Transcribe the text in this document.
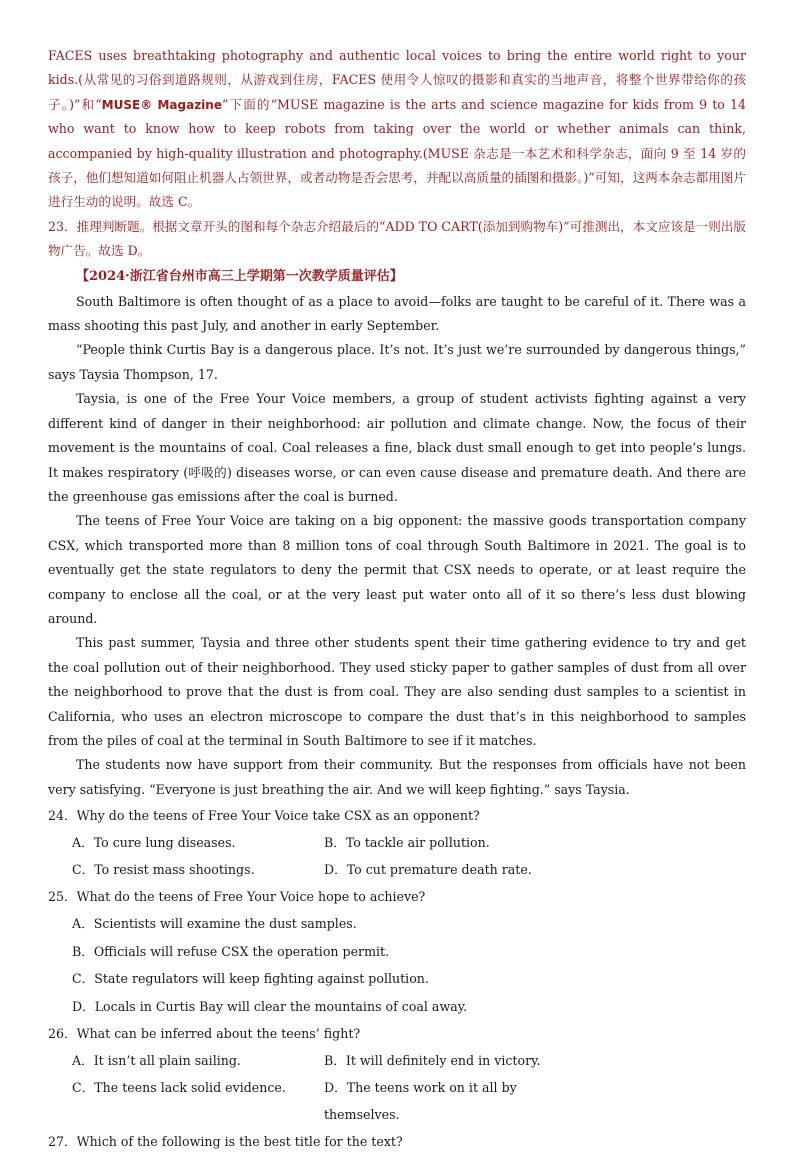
FACES uses breathtaking photography and authentic local voices to bring the entire world right to your kids.(从常见的习俗到道路规则，从游戏到住房，FACES 使用令人惊叹的摄影和真实的当地声音，将整个世界带给你的孩子。)”和“MUSE® Magazine”下面的“MUSE magazine is the arts and science magazine for kids from 9 to 14 who want to know how to keep robots from taking over the world or whether animals can think, accompanied by high-quality illustration and photography.(MUSE 杂志是一本艺术和科学杂志，面向 9 至 14 岁的孩子，他们想知道如何阻止机器人占领世界，或者动物是否会思考，并配以高质量的插图和摄影。)”可知，这两本杂志都用图片进行生动的说明。故选 C。

23．推理判断题。根据文章开头的图和每个杂志介绍最后的“ADD TO CART(添加到购物车)”可推测出，本文应该是一则出版物广告。故选 D。

【2024·浙江省台州市高三上学期第一次教学质量评估】

South Baltimore is often thought of as a place to avoid—folks are taught to be careful of it. There was a mass shooting this past July, and another in early September.

“People think Curtis Bay is a dangerous place. It’s not. It’s just we’re surrounded by dangerous things,” says Taysia Thompson, 17.

Taysia, is one of the Free Your Voice members, a group of student activists fighting against a very different kind of danger in their neighborhood: air pollution and climate change. Now, the focus of their movement is the mountains of coal. Coal releases a fine, black dust small enough to get into people’s lungs. It makes respiratory (呼吸的) diseases worse, or can even cause disease and premature death. And there are the greenhouse gas emissions after the coal is burned.

The teens of Free Your Voice are taking on a big opponent: the massive goods transportation company CSX, which transported more than 8 million tons of coal through South Baltimore in 2021. The goal is to eventually get the state regulators to deny the permit that CSX needs to operate, or at least require the company to enclose all the coal, or at the very least put water onto all of it so there’s less dust blowing around.

This past summer, Taysia and three other students spent their time gathering evidence to try and get the coal pollution out of their neighborhood. They used sticky paper to gather samples of dust from all over the neighborhood to prove that the dust is from coal. They are also sending dust samples to a scientist in California, who uses an electron microscope to compare the dust that’s in this neighborhood to samples from the piles of coal at the terminal in South Baltimore to see if it matches.

The students now have support from their community. But the responses from officials have not been very satisfying. “Everyone is just breathing the air. And we will keep fighting.” says Taysia.

24．Why do the teens of Free Your Voice take CSX as an opponent?

A．To cure lung diseases.	B．To tackle air pollution.
C．To resist mass shootings.	D．To cut premature death rate.

25．What do the teens of Free Your Voice hope to achieve?

A．Scientists will examine the dust samples.
B．Officials will refuse CSX the operation permit.
C．State regulators will keep fighting against pollution.
D．Locals in Curtis Bay will clear the mountains of coal away.

26．What can be inferred about the teens’ fight?

A．It isn’t all plain sailing.	B．It will definitely end in victory.
C．The teens lack solid evidence.	D．The teens work on it all by themselves.

27．Which of the following is the best title for the text?
